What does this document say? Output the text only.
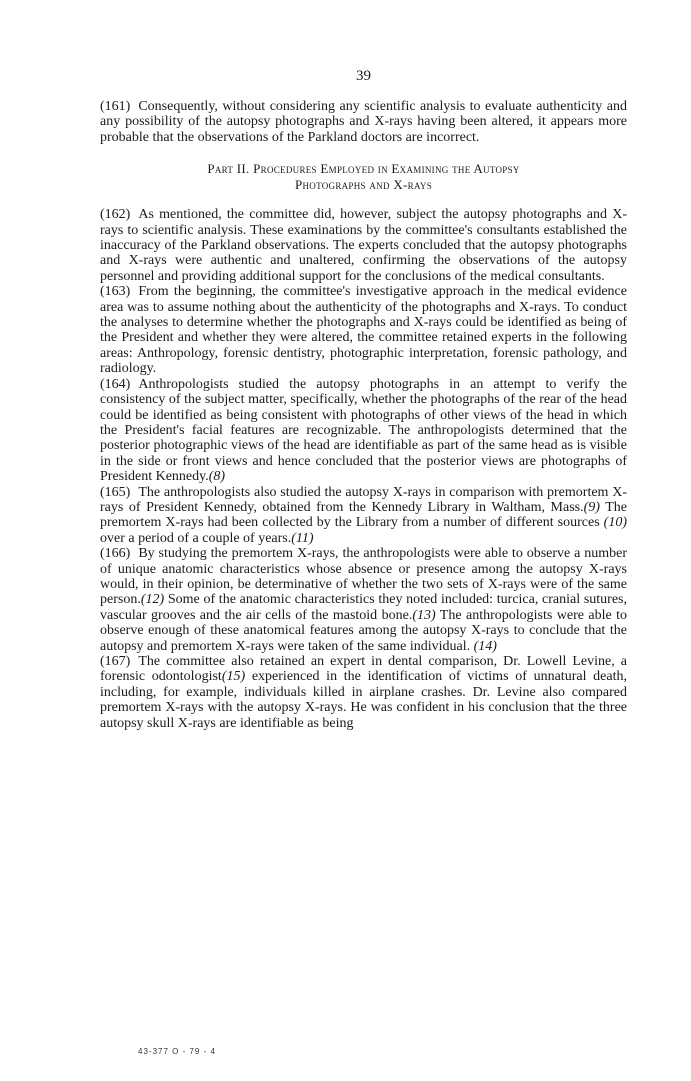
39

(161) Consequently, without considering any scientific analysis to evaluate authenticity and any possibility of the autopsy photographs and X-rays having been altered, it appears more probable that the observations of the Parkland doctors are incorrect.

Part II. Procedures Employed in Examining the Autopsy
Photographs and X-rays

(162) As mentioned, the committee did, however, subject the autopsy photographs and X-rays to scientific analysis. These examinations by the committee's consultants established the inaccuracy of the Parkland observations. The experts concluded that the autopsy photographs and X-rays were authentic and unaltered, confirming the observations of the autopsy personnel and providing additional support for the conclusions of the medical consultants.

(163) From the beginning, the committee's investigative approach in the medical evidence area was to assume nothing about the authenticity of the photographs and X-rays. To conduct the analyses to determine whether the photographs and X-rays could be identified as being of the President and whether they were altered, the committee retained experts in the following areas: Anthropology, forensic dentistry, photographic interpretation, forensic pathology, and radiology.

(164) Anthropologists studied the autopsy photographs in an attempt to verify the consistency of the subject matter, specifically, whether the photographs of the rear of the head could be identified as being consistent with photographs of other views of the head in which the President's facial features are recognizable. The anthropologists determined that the posterior photographic views of the head are identifiable as part of the same head as is visible in the side or front views and hence concluded that the posterior views are photographs of President Kennedy.(8)

(165) The anthropologists also studied the autopsy X-rays in comparison with premortem X-rays of President Kennedy, obtained from the Kennedy Library in Waltham, Mass.(9) The premortem X-rays had been collected by the Library from a number of different sources (10) over a period of a couple of years.(11)

(166) By studying the premortem X-rays, the anthropologists were able to observe a number of unique anatomic characteristics whose absence or presence among the autopsy X-rays would, in their opinion, be determinative of whether the two sets of X-rays were of the same person.(12) Some of the anatomic characteristics they noted included: turcica, cranial sutures, vascular grooves and the air cells of the mastoid bone.(13) The anthropologists were able to observe enough of these anatomical features among the autopsy X-rays to conclude that the autopsy and premortem X-rays were taken of the same individual. (14)

(167) The committee also retained an expert in dental comparison, Dr. Lowell Levine, a forensic odontologist(15) experienced in the identification of victims of unnatural death, including, for example, individuals killed in airplane crashes. Dr. Levine also compared premortem X-rays with the autopsy X-rays. He was confident in his conclusion that the three autopsy skull X-rays are identifiable as being

43-377 O - 79 - 4
